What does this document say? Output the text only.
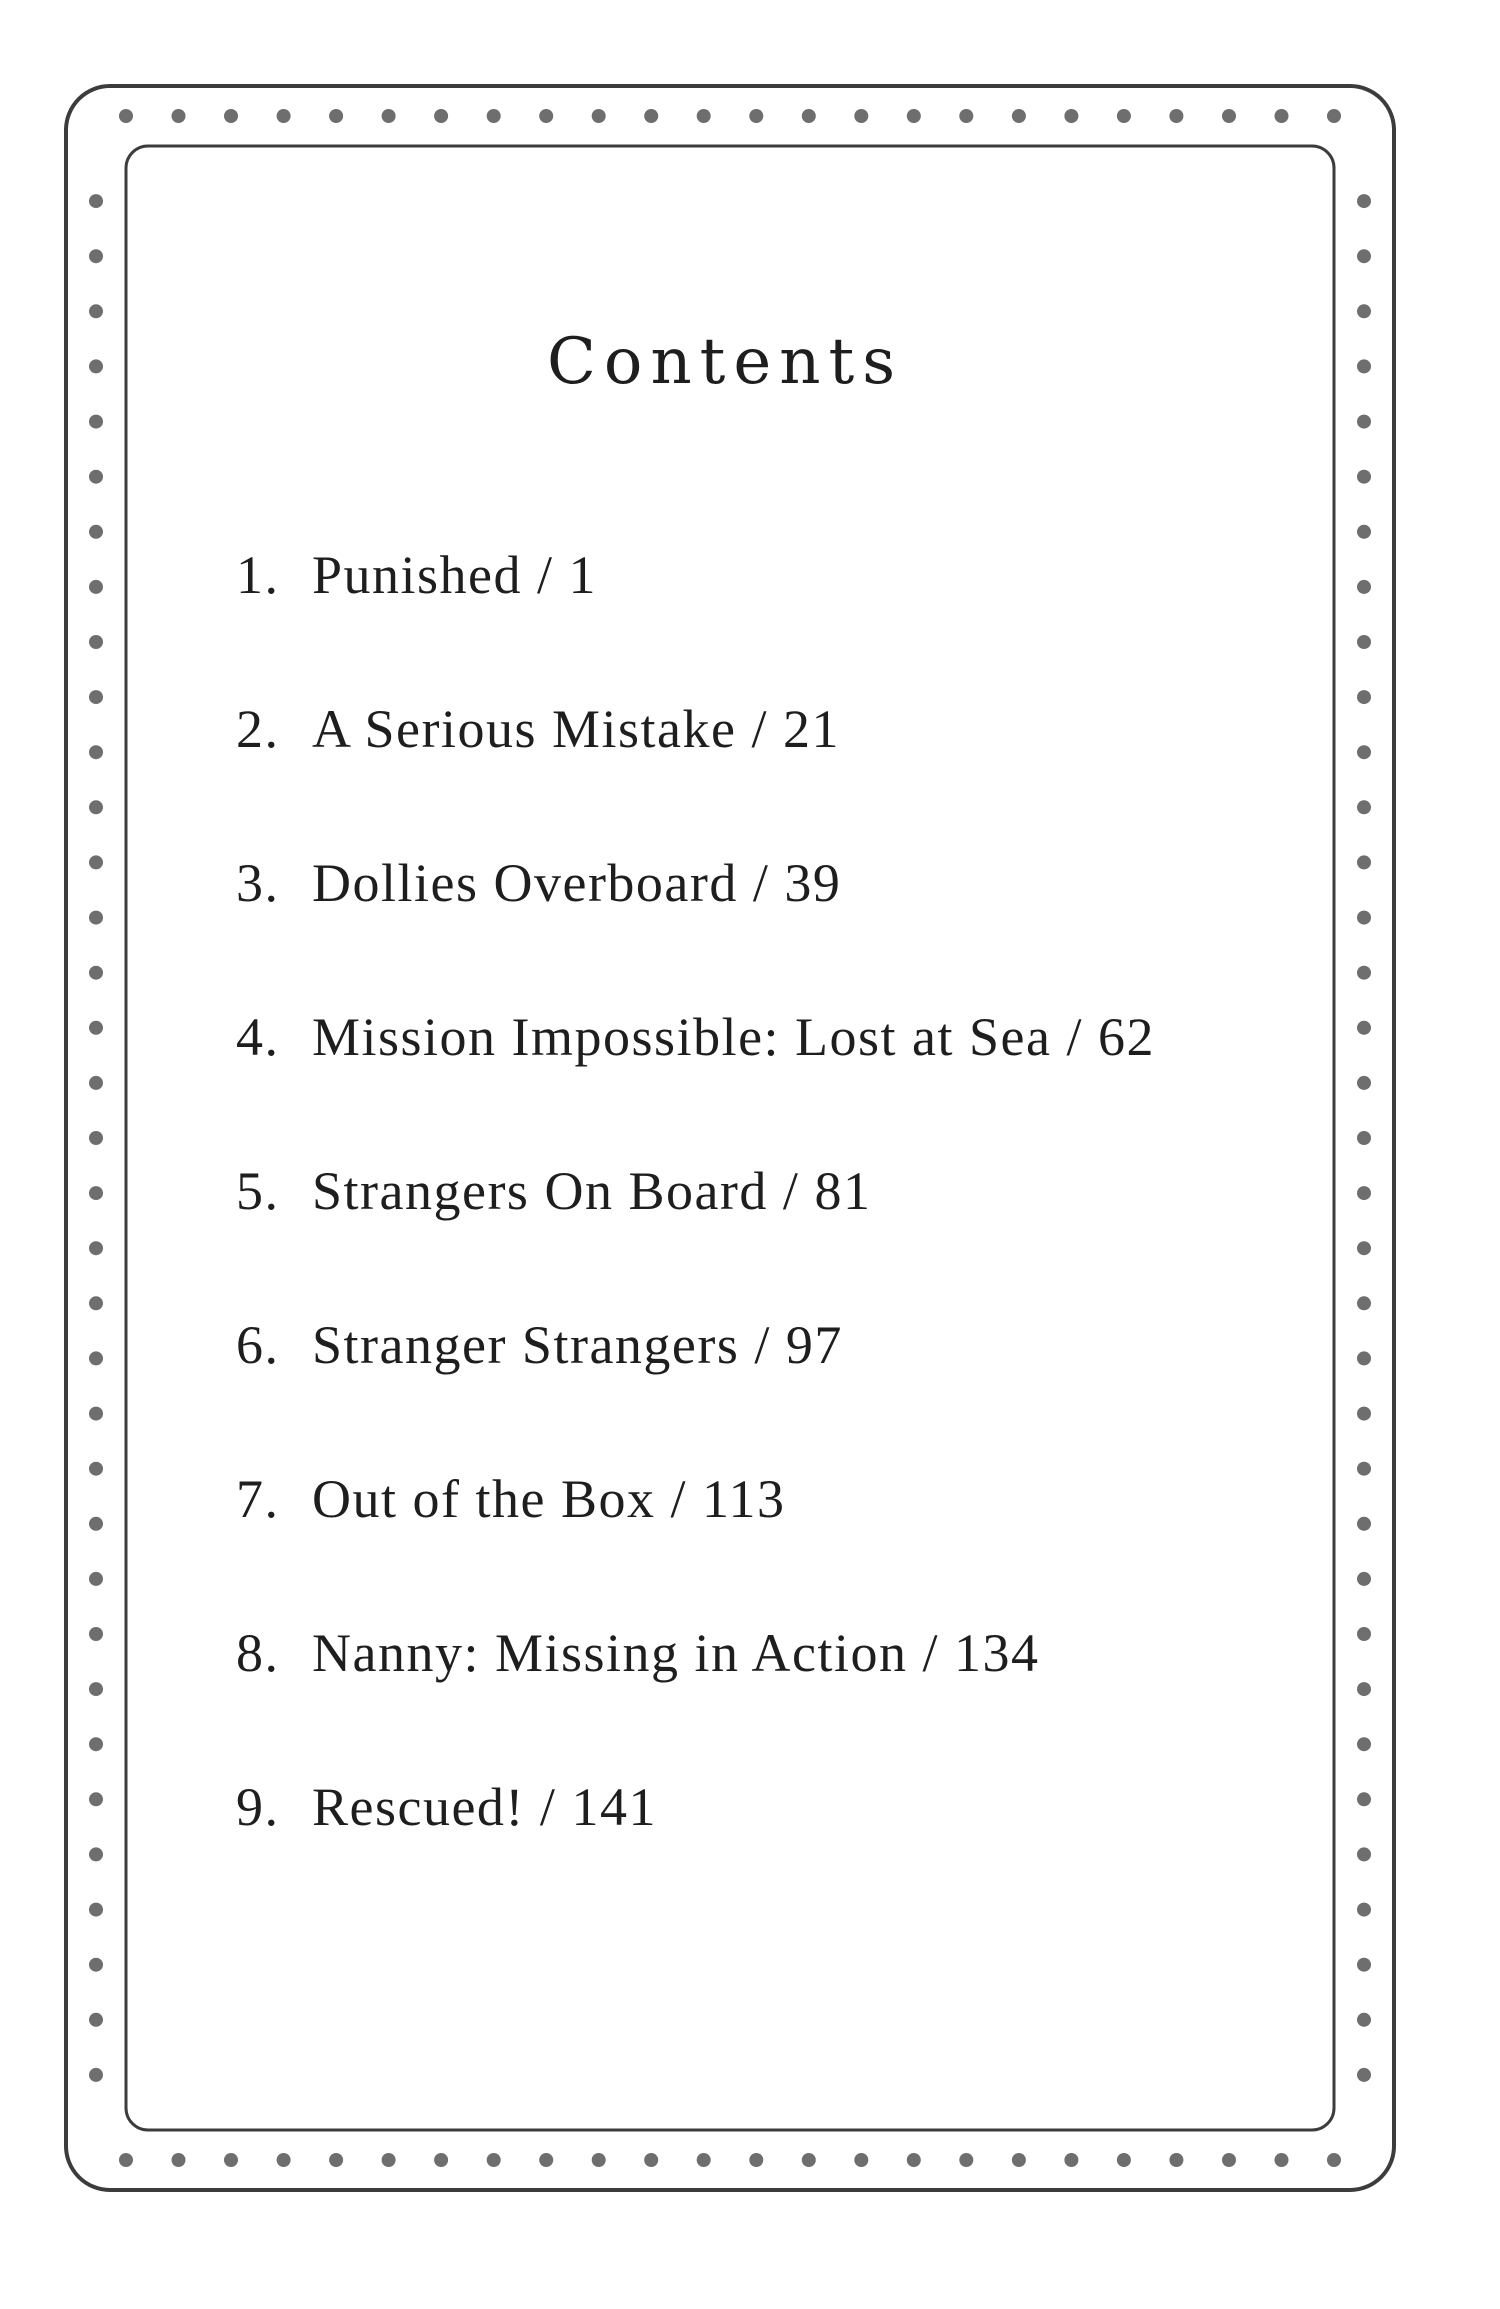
Contents
1. Punished / 1
2. A Serious Mistake / 21
3. Dollies Overboard / 39
4. Mission Impossible: Lost at Sea / 62
5. Strangers On Board / 81
6. Stranger Strangers / 97
7. Out of the Box / 113
8. Nanny: Missing in Action / 134
9. Rescued! / 141
